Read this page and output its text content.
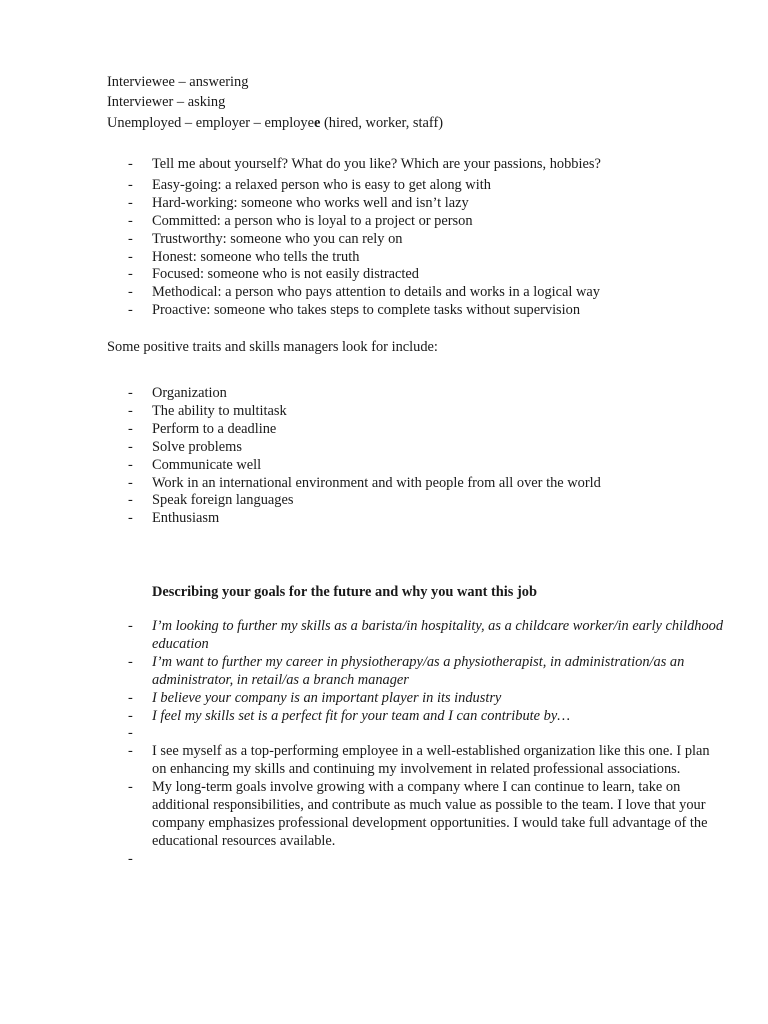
Interviewee – answering
Interviewer – asking
Unemployed – employer – employee (hired, worker, staff)
- Tell me about yourself? What do you like? Which are your passions, hobbies?
- Easy-going: a relaxed person who is easy to get along with
- Hard-working: someone who works well and isn’t lazy
- Committed: a person who is loyal to a project or person
- Trustworthy: someone who you can rely on
- Honest: someone who tells the truth
- Focused: someone who is not easily distracted
- Methodical: a person who pays attention to details and works in a logical way
- Proactive: someone who takes steps to complete tasks without supervision
Some positive traits and skills managers look for include:
- Organization
- The ability to multitask
- Perform to a deadline
- Solve problems
- Communicate well
- Work in an international environment and with people from all over the world
- Speak foreign languages
- Enthusiasm
Describing your goals for the future and why you want this job
- I’m looking to further my skills as a barista/in hospitality, as a childcare worker/in early childhood education
- I’m want to further my career in physiotherapy/as a physiotherapist, in administration/as an administrator, in retail/as a branch manager
- I believe your company is an important player in its industry
- I feel my skills set is a perfect fit for your team and I can contribute by…
-
- I see myself as a top-performing employee in a well-established organization like this one. I plan on enhancing my skills and continuing my involvement in related professional associations.
- My long-term goals involve growing with a company where I can continue to learn, take on additional responsibilities, and contribute as much value as possible to the team. I love that your company emphasizes professional development opportunities. I would take full advantage of the educational resources available.
-
